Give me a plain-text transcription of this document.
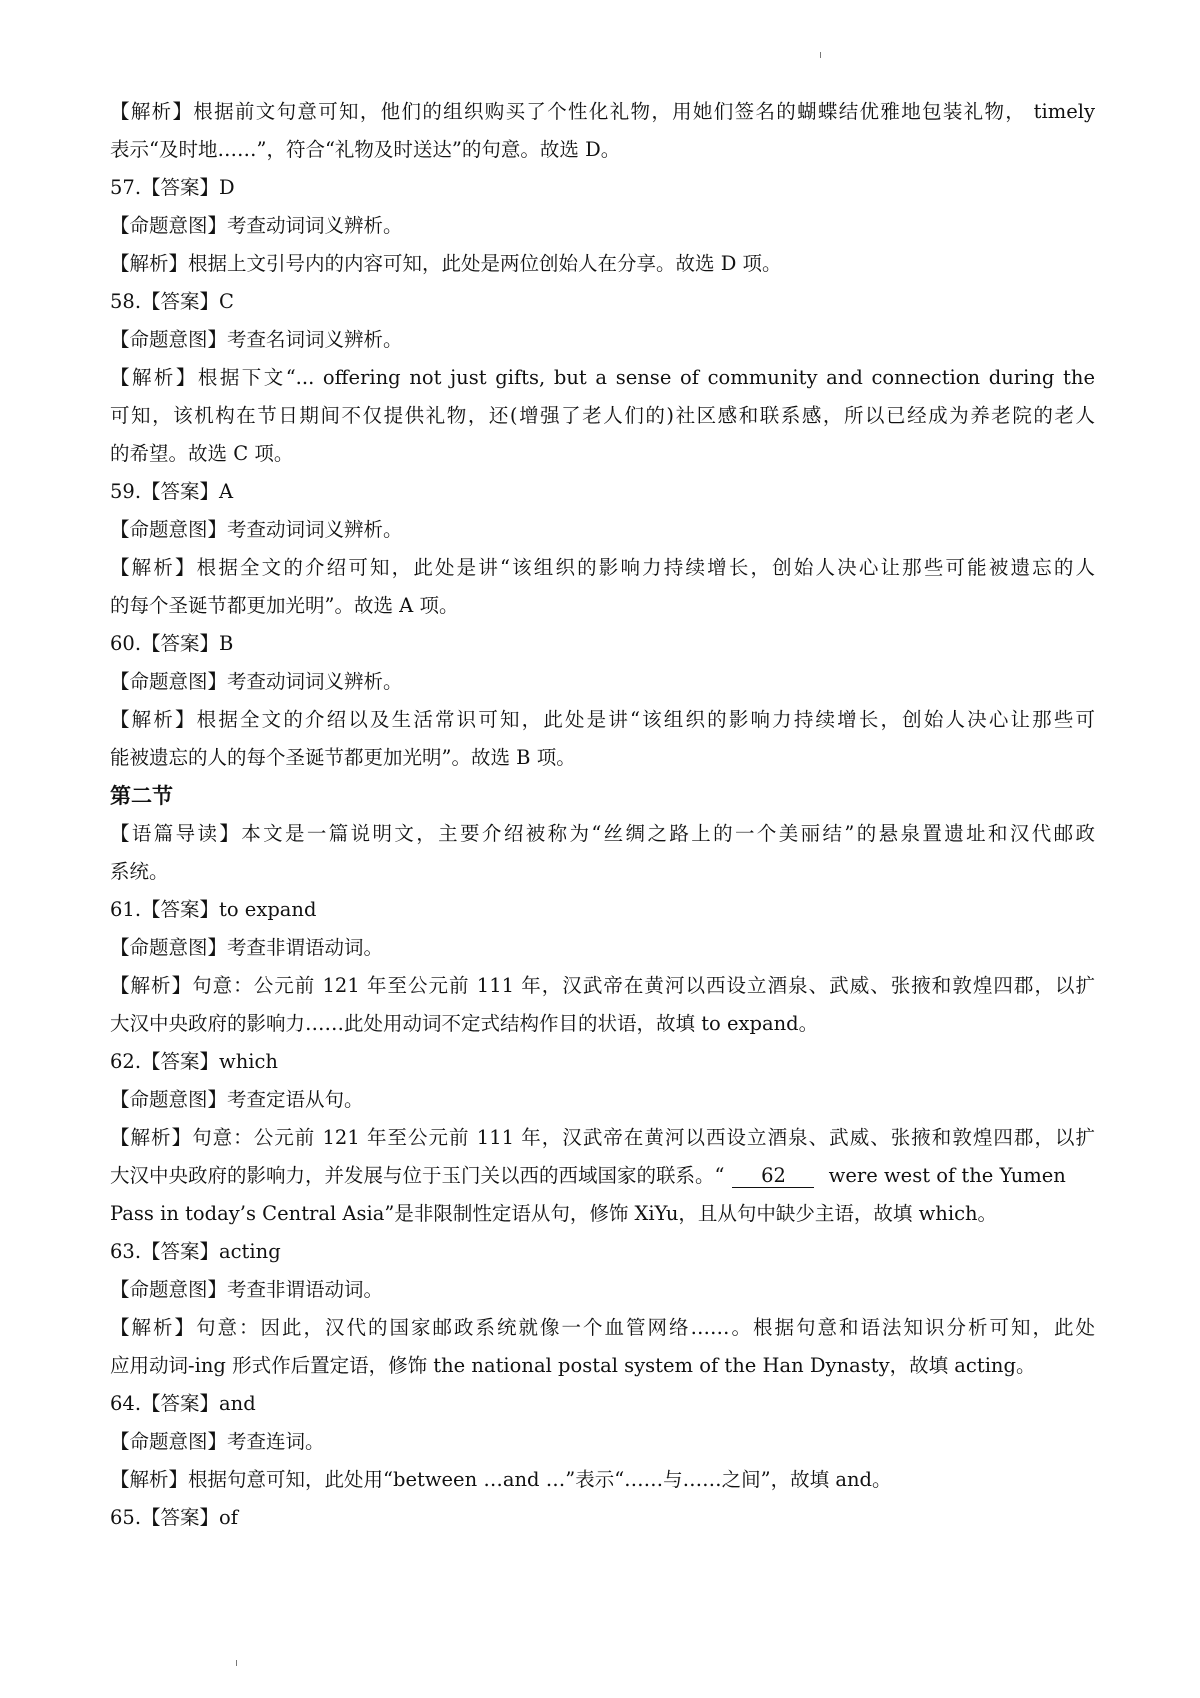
【解析】根据前文句意可知，他们的组织购买了个性化礼物，用她们签名的蝴蝶结优雅地包装礼物， timely
表示“及时地……”，符合“礼物及时送达”的句意。故选 D。
57.【答案】D
【命题意图】考查动词词义辨析。
【解析】根据上文引号内的内容可知，此处是两位创始人在分享。故选 D 项。
58.【答案】C
【命题意图】考查名词词义辨析。
【解析】根据下文“... offering not just gifts, but a sense of community and connection during the
可知，该机构在节日期间不仅提供礼物，还(增强了老人们的)社区感和联系感，所以已经成为养老院的老人
的希望。故选 C 项。
59.【答案】A
【命题意图】考查动词词义辨析。
【解析】根据全文的介绍可知，此处是讲“该组织的影响力持续增长，创始人决心让那些可能被遗忘的人
的每个圣诞节都更加光明”。故选 A 项。
60.【答案】B
【命题意图】考查动词词义辨析。
【解析】根据全文的介绍以及生活常识可知，此处是讲“该组织的影响力持续增长，创始人决心让那些可
能被遗忘的人的每个圣诞节都更加光明”。故选 B 项。
第二节
【语篇导读】本文是一篇说明文，主要介绍被称为“丝绸之路上的一个美丽结”的悬泉置遗址和汉代邮政
系统。
61.【答案】to expand
【命题意图】考查非谓语动词。
【解析】句意：公元前 121 年至公元前 111 年，汉武帝在黄河以西设立酒泉、武威、张掖和敦煌四郡，以扩
大汉中央政府的影响力……此处用动词不定式结构作目的状语，故填 to expand。
62.【答案】which
【命题意图】考查定语从句。
【解析】句意：公元前 121 年至公元前 111 年，汉武帝在黄河以西设立酒泉、武威、张掖和敦煌四郡，以扩
大汉中央政府的影响力，并发展与位于玉门关以西的西域国家的联系。“ 62 were west of the Yumen
Pass in today’s Central Asia”是非限制性定语从句，修饰 XiYu，且从句中缺少主语，故填 which。
63.【答案】acting
【命题意图】考查非谓语动词。
【解析】句意：因此，汉代的国家邮政系统就像一个血管网络……。根据句意和语法知识分析可知，此处
应用动词-ing 形式作后置定语，修饰 the national postal system of the Han Dynasty，故填 acting。
64.【答案】and
【命题意图】考查连词。
【解析】根据句意可知，此处用“between …and …”表示“……与……之间”，故填 and。
65.【答案】of
